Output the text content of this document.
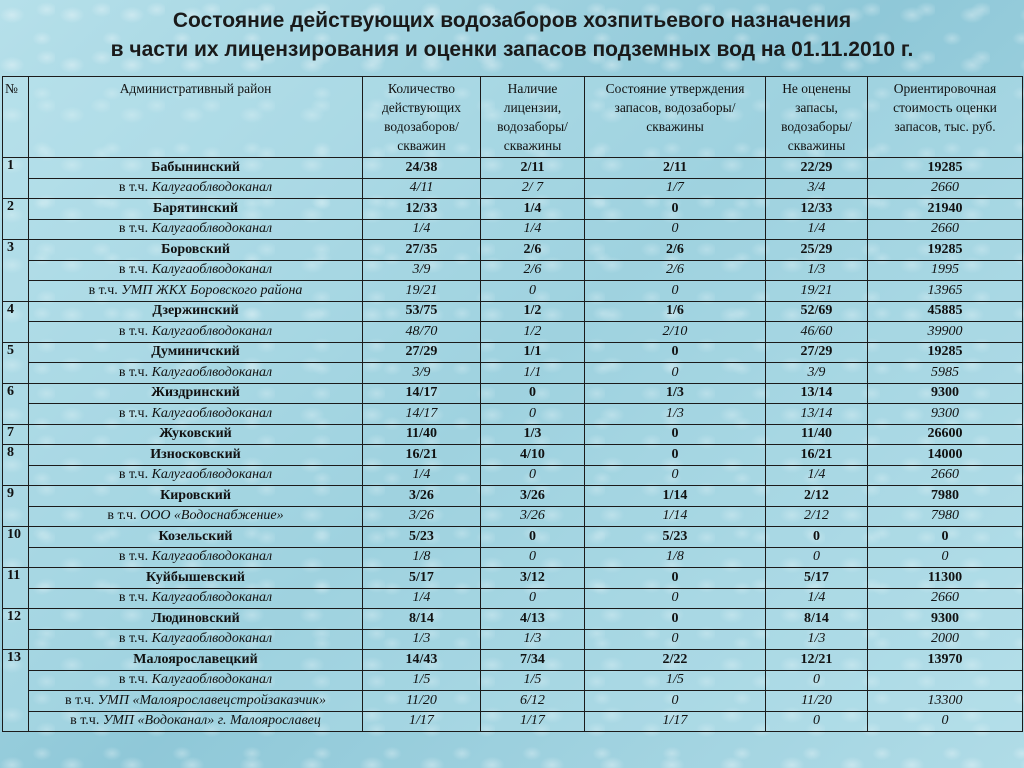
Состояние действующих водозаборов хозпитьевого назначения
в части их лицензирования и оценки запасов подземных вод на 01.11.2010 г.
№	Административный район	Количество действующих водозаборов/ скважин	Наличие лицензии, водозаборы/ скважины	Состояние утверждения запасов, водозаборы/ скважины	Не оценены запасы, водозаборы/ скважины	Ориентировочная стоимость оценки запасов, тыс. руб.
1	Бабынинский	24/38	2/11	2/11	22/29	19285
	в т.ч. Калугаоблводоканал	4/11	2/ 7	1/7	3/4	2660
2	Барятинский	12/33	1/4	0	12/33	21940
	в т.ч. Калугаоблводоканал	1/4	1/4	0	1/4	2660
3	Боровский	27/35	2/6	2/6	25/29	19285
	в т.ч. Калугаоблводоканал	3/9	2/6	2/6	1/3	1995
	в т.ч. УМП ЖКХ Боровского района	19/21	0	0	19/21	13965
4	Дзержинский	53/75	1/2	1/6	52/69	45885
	в т.ч. Калугаоблводоканал	48/70	1/2	2/10	46/60	39900
5	Думиничский	27/29	1/1	0	27/29	19285
	в т.ч. Калугаоблводоканал	3/9	1/1	0	3/9	5985
6	Жиздринский	14/17	0	1/3	13/14	9300
	в т.ч. Калугаоблводоканал	14/17	0	1/3	13/14	9300
7	Жуковский	11/40	1/3	0	11/40	26600
8	Износковский	16/21	4/10	0	16/21	14000
	в т.ч. Калугаоблводоканал	1/4	0	0	1/4	2660
9	Кировский	3/26	3/26	1/14	2/12	7980
	в т.ч. ООО «Водоснабжение»	3/26	3/26	1/14	2/12	7980
10	Козельский	5/23	0	5/23	0	0
	в т.ч. Калугаоблводоканал	1/8	0	1/8	0	0
11	Куйбышевский	5/17	3/12	0	5/17	11300
	в т.ч. Калугаоблводоканал	1/4	0	0	1/4	2660
12	Людиновский	8/14	4/13	0	8/14	9300
	в т.ч. Калугаоблводоканал	1/3	1/3	0	1/3	2000
13	Малоярославецкий	14/43	7/34	2/22	12/21	13970
	в т.ч. Калугаоблводоканал	1/5	1/5	1/5	0	
	в т.ч. УМП «Малоярославецстройзаказчик»	11/20	6/12	0	11/20	13300
	в т.ч. УМП «Водоканал» г. Малоярославец	1/17	1/17	1/17	0	0
